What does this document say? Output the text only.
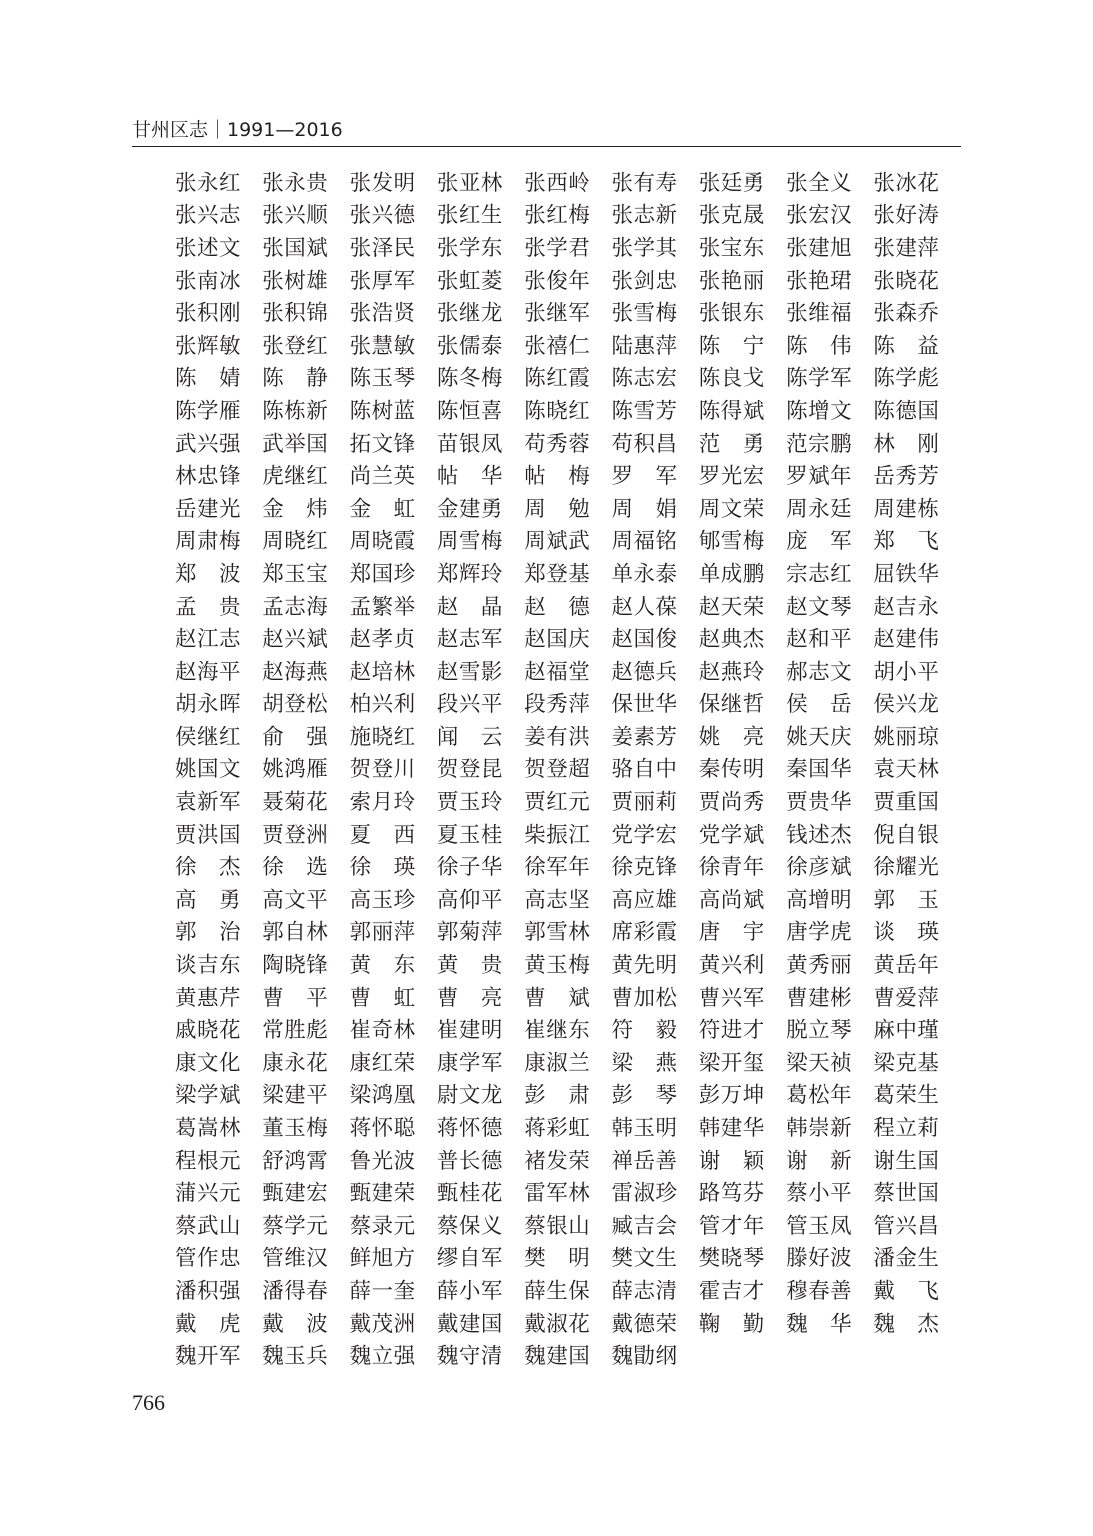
甘州区志｜1991—2016
张永红 张永贵 张发明 张亚林 张西岭 张有寿 张廷勇 张全义 张冰花
张兴志 张兴顺 张兴德 张红生 张红梅 张志新 张克晟 张宏汉 张好涛
张述文 张国斌 张泽民 张学东 张学君 张学其 张宝东 张建旭 张建萍
张南冰 张树雄 张厚军 张虹菱 张俊年 张剑忠 张艳丽 张艳珺 张晓花
张积刚 张积锦 张浩贤 张继龙 张继军 张雪梅 张银东 张维福 张森乔
张辉敏 张登红 张慧敏 张儒泰 张禧仁 陆惠萍 陈　宁 陈　伟 陈　益
陈　婧 陈　静 陈玉琴 陈冬梅 陈红霞 陈志宏 陈良戈 陈学军 陈学彪
陈学雁 陈栋新 陈树蓝 陈恒喜 陈晓红 陈雪芳 陈得斌 陈增文 陈德国
武兴强 武举国 拓文锋 苗银凤 苟秀蓉 苟积昌 范　勇 范宗鹏 林　刚
林忠锋 虎继红 尚兰英 帖　华 帖　梅 罗　军 罗光宏 罗斌年 岳秀芳
岳建光 金　炜 金　虹 金建勇 周　勉 周　娟 周文荣 周永廷 周建栋
周肃梅 周晓红 周晓霞 周雪梅 周斌武 周福铭 郇雪梅 庞　军 郑　飞
郑　波 郑玉宝 郑国珍 郑辉玲 郑登基 单永泰 单成鹏 宗志红 屈铁华
孟　贵 孟志海 孟繁举 赵　晶 赵　德 赵人葆 赵天荣 赵文琴 赵吉永
赵江志 赵兴斌 赵孝贞 赵志军 赵国庆 赵国俊 赵典杰 赵和平 赵建伟
赵海平 赵海燕 赵培林 赵雪影 赵福堂 赵德兵 赵燕玲 郝志文 胡小平
胡永晖 胡登松 柏兴利 段兴平 段秀萍 保世华 保继哲 侯　岳 侯兴龙
侯继红 俞　强 施晓红 闻　云 姜有洪 姜素芳 姚　亮 姚天庆 姚丽琼
姚国文 姚鸿雁 贺登川 贺登昆 贺登超 骆自中 秦传明 秦国华 袁天林
袁新军 聂菊花 索月玲 贾玉玲 贾红元 贾丽莉 贾尚秀 贾贵华 贾重国
贾洪国 贾登洲 夏　西 夏玉桂 柴振江 党学宏 党学斌 钱述杰 倪自银
徐　杰 徐　选 徐　瑛 徐子华 徐军年 徐克锋 徐青年 徐彦斌 徐耀光
高　勇 高文平 高玉珍 高仰平 高志坚 高应雄 高尚斌 高增明 郭　玉
郭　治 郭自林 郭丽萍 郭菊萍 郭雪林 席彩霞 唐　宇 唐学虎 谈　瑛
谈吉东 陶晓锋 黄　东 黄　贵 黄玉梅 黄先明 黄兴利 黄秀丽 黄岳年
黄惠芹 曹　平 曹　虹 曹　亮 曹　斌 曹加松 曹兴军 曹建彬 曹爱萍
戚晓花 常胜彪 崔奇林 崔建明 崔继东 符　毅 符进才 脱立琴 麻中瑾
康文化 康永花 康红荣 康学军 康淑兰 梁　燕 梁开玺 梁天祯 梁克基
梁学斌 梁建平 梁鸿凰 尉文龙 彭　肃 彭　琴 彭万坤 葛松年 葛荣生
葛嵩林 董玉梅 蒋怀聪 蒋怀德 蒋彩虹 韩玉明 韩建华 韩崇新 程立莉
程根元 舒鸿霄 鲁光波 普长德 褚发荣 禅岳善 谢　颖 谢　新 谢生国
蒲兴元 甄建宏 甄建荣 甄桂花 雷军林 雷淑珍 路笃芬 蔡小平 蔡世国
蔡武山 蔡学元 蔡录元 蔡保义 蔡银山 臧吉会 管才年 管玉凤 管兴昌
管作忠 管维汉 鲜旭方 缪自军 樊　明 樊文生 樊晓琴 滕好波 潘金生
潘积强 潘得春 薛一奎 薛小军 薛生保 薛志清 霍吉才 穆春善 戴　飞
戴　虎 戴　波 戴茂洲 戴建国 戴淑花 戴德荣 鞠　勤 魏　华 魏　杰
魏开军 魏玉兵 魏立强 魏守清 魏建国 魏勖纲
766
